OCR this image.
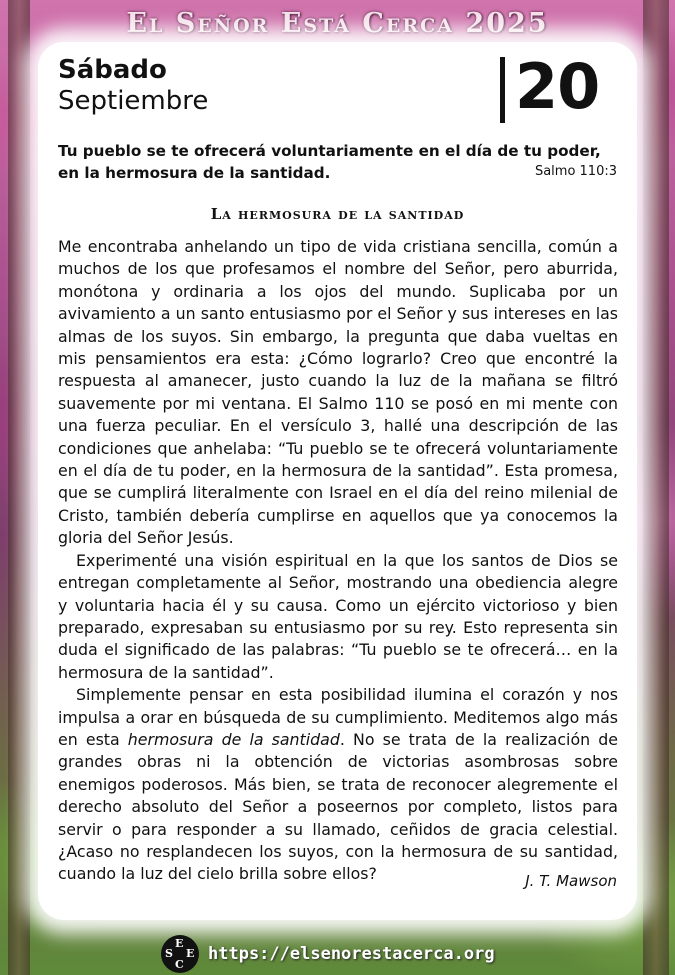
El Señor Está Cerca 2025
Sábado
Septiembre	20
Tu pueblo se te ofrecerá voluntariamente en el día de tu poder, en la hermosura de la santidad.	Salmo 110:3
La hermosura de la santidad

Me encontraba anhelando un tipo de vida cristiana sencilla, común a muchos de los que profesamos el nombre del Señor, pero aburrida, monótona y ordinaria a los ojos del mundo. Suplicaba por un avivamiento a un santo entusiasmo por el Señor y sus intereses en las almas de los suyos. Sin embargo, la pregunta que daba vueltas en mis pensamientos era esta: ¿Cómo lograrlo? Creo que encontré la respuesta al amanecer, justo cuando la luz de la mañana se filtró suavemente por mi ventana. El Salmo 110 se posó en mi mente con una fuerza peculiar. En el versículo 3, hallé una descripción de las condiciones que anhelaba: “Tu pueblo se te ofrecerá voluntariamente en el día de tu poder, en la hermosura de la santidad”. Esta promesa, que se cumplirá literalmente con Israel en el día del reino milenial de Cristo, también debería cumplirse en aquellos que ya conocemos la gloria del Señor Jesús.

Experimenté una visión espiritual en la que los santos de Dios se entregan completamente al Señor, mostrando una obediencia alegre y voluntaria hacia él y su causa. Como un ejército victorioso y bien preparado, expresaban su entusiasmo por su rey. Esto representa sin duda el significado de las palabras: “Tu pueblo se te ofrecerá… en la hermosura de la santidad”.

Simplemente pensar en esta posibilidad ilumina el corazón y nos impulsa a orar en búsqueda de su cumplimiento. Meditemos algo más en esta hermosura de la santidad. No se trata de la realización de grandes obras ni la obtención de victorias asombrosas sobre enemigos poderosos. Más bien, se trata de reconocer alegremente el derecho absoluto del Señor a poseernos por completo, listos para servir o para responder a su llamado, ceñidos de gracia celestial. ¿Acaso no resplandecen los suyos, con la hermosura de su santidad, cuando la luz del cielo brilla sobre ellos?	J. T. Mawson
E
S E
C
https://elsenorestacerca.org
